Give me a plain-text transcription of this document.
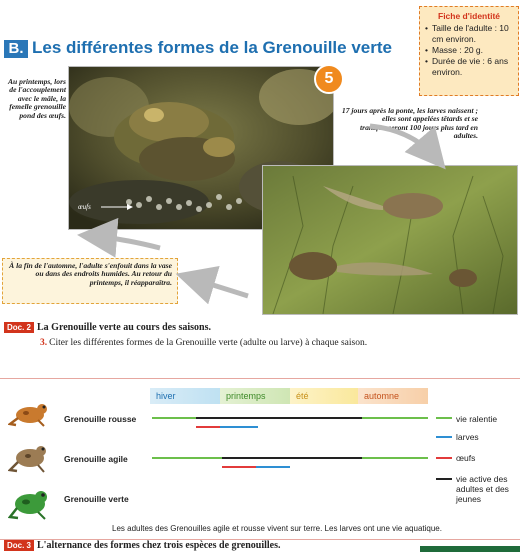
B. Les différentes formes de la Grenouille verte
Fiche d'identité
• Taille de l'adulte : 10 cm environ.
• Masse : 20 g.
• Durée de vie : 6 ans environ.
œufs
5
Au printemps, lors de l'accouplement avec le mâle, la femelle grenouille pond des œufs.
17 jours après la ponte, les larves naissent ; elles sont appelées têtards et se transformeront 100 jours plus tard en adultes.
À la fin de l'automne, l'adulte s'enfouit dans la vase ou dans des endroits humides. Au retour du printemps, il réapparaîtra.
Doc. 2 La Grenouille verte au cours des saisons.
3. Citer les différentes formes de la Grenouille verte (adulte ou larve) à chaque saison.
hiver	printemps	été	automne
Grenouille rousse
Grenouille agile
Grenouille verte
vie ralentie
larves
œufs
vie active des adultes et des jeunes
Les adultes des Grenouilles agile et rousse vivent sur terre. Les larves ont une vie aquatique.
Doc. 3 L'alternance des formes chez trois espèces de grenouilles.
